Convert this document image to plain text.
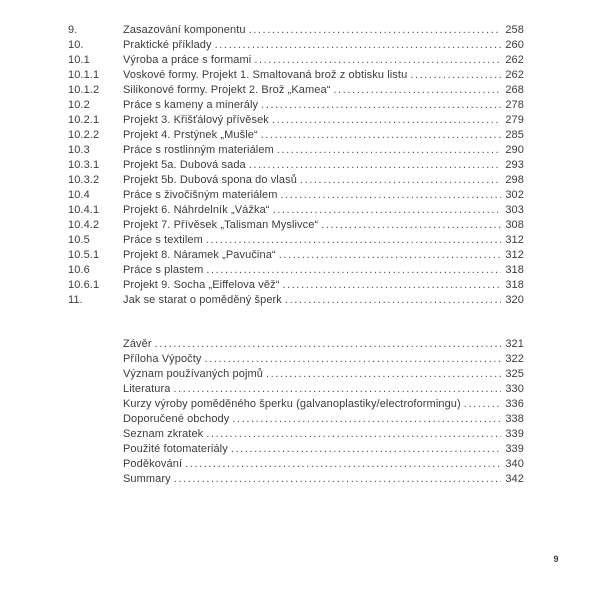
9.	Zasazování komponentu .....	258
10.	Praktické příklady .....	260
10.1	Výroba a práce s formami .....	262
10.1.1	Voskové formy. Projekt 1. Smaltovaná brož z obtisku listu .....	262
10.1.2	Silikonové formy. Projekt 2. Brož „Kamea“ .....	268
10.2	Práce s kameny a minerály .....	278
10.2.1	Projekt 3. Křišťálový přívěsek .....	279
10.2.2	Projekt 4. Prstýnek „Mušle“ .....	285
10.3	Práce s rostlinným materiálem .....	290
10.3.1	Projekt 5a. Dubová sada .....	293
10.3.2	Projekt 5b. Dubová spona do vlasů .....	298
10.4	Práce s živočišným materiálem .....	302
10.4.1	Projekt 6. Náhrdelník „Vážka“ .....	303
10.4.2	Projekt 7. Přívěsek „Talisman Myslivce“ .....	308
10.5	Práce s textilem .....	312
10.5.1	Projekt 8. Náramek „Pavučina“ .....	312
10.6	Práce s plastem .....	318
10.6.1	Projekt 9. Socha „Eiffelova věž“ .....	318
11.	Jak se starat o poměděný šperk .....	320
Závěr .....	321
Příloha Výpočty .....	322
Význam používaných pojmů .....	325
Literatura .....	330
Kurzy výroby poměděného šperku (galvanoplastiky/electroformingu) .....	336
Doporučené obchody .....	338
Seznam zkratek .....	339
Použité fotomateriály .....	339
Poděkování .....	340
Summary .....	342
9
